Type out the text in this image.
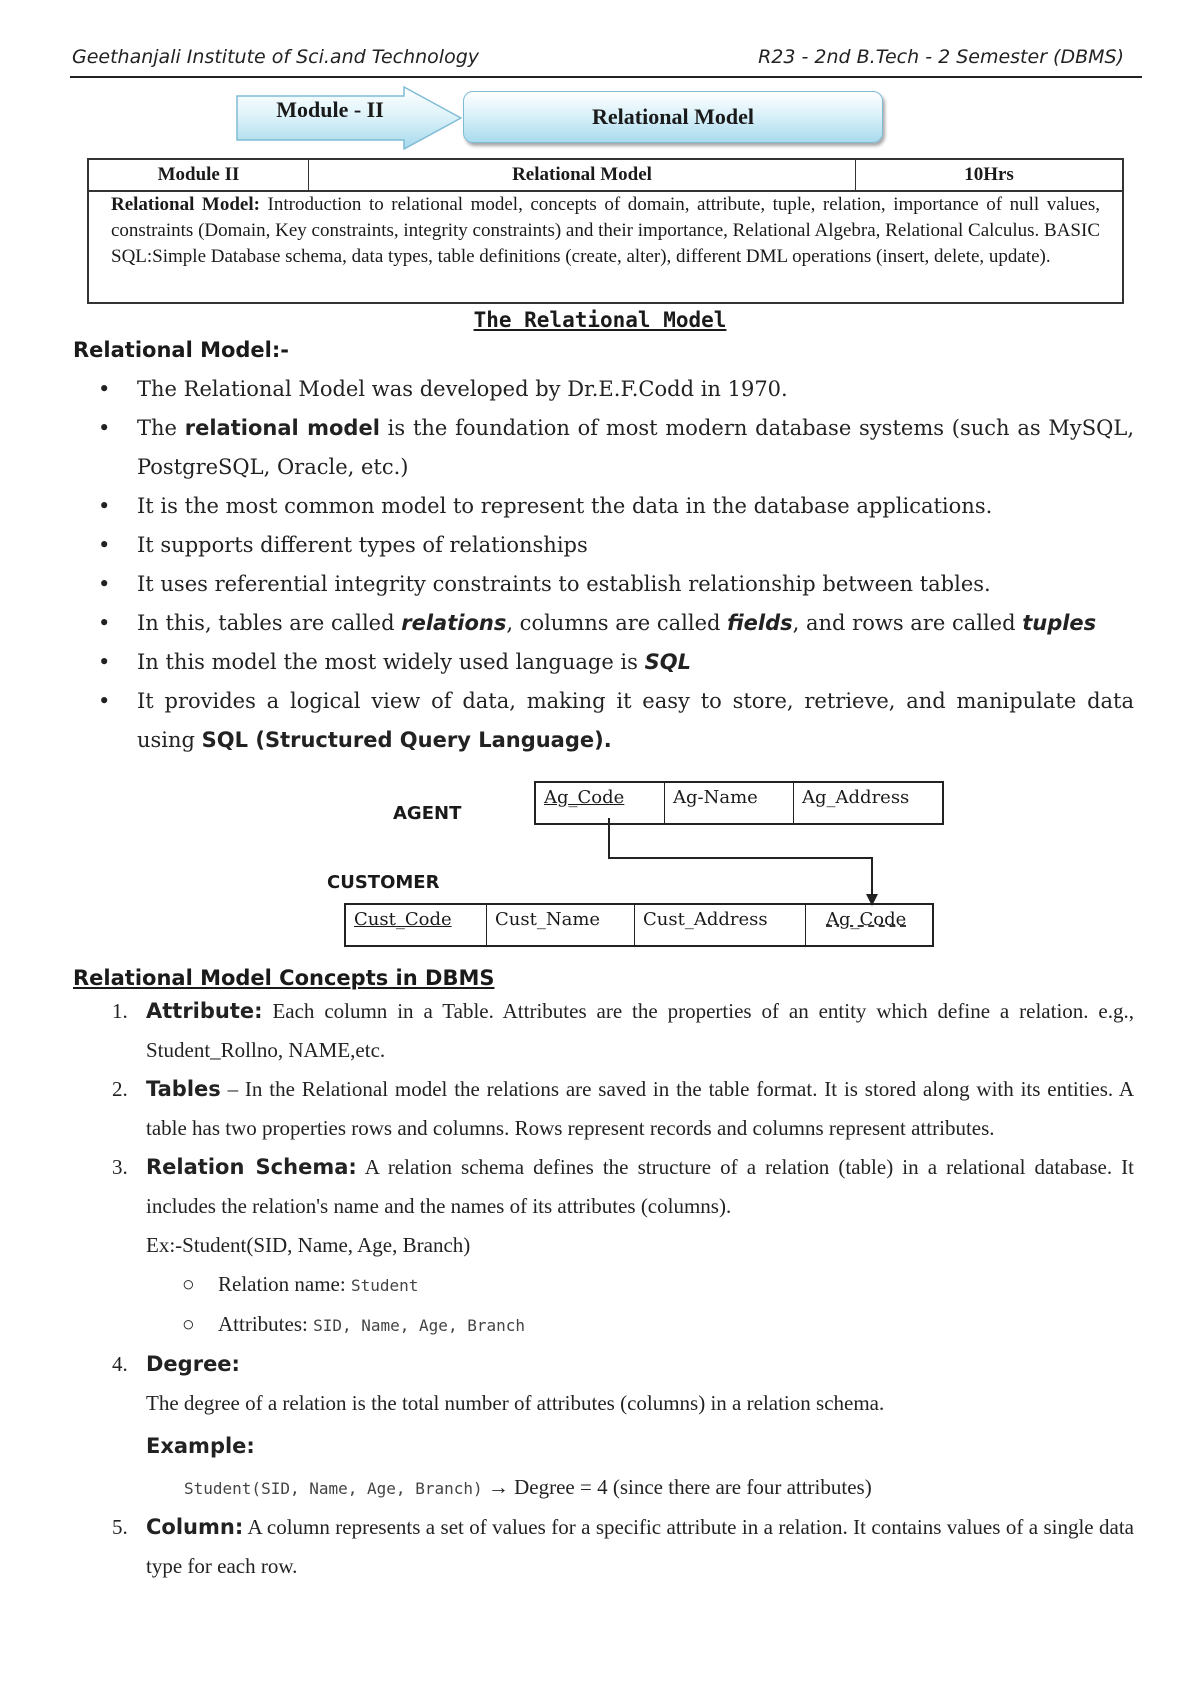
Geethanjali Institute of Sci.and Technology	R23 - 2nd B.Tech - 2 Semester (DBMS)
Module - II	Relational Model
Module II	Relational Model	10Hrs
Relational Model: Introduction to relational model, concepts of domain, attribute, tuple, relation, importance of null values, constraints (Domain, Key constraints, integrity constraints) and their importance, Relational Algebra, Relational Calculus. BASIC SQL:Simple Database schema, data types, table definitions (create, alter), different DML operations (insert, delete, update).
The Relational Model
Relational Model:-
• The Relational Model was developed by Dr.E.F.Codd in 1970.
• The relational model is the foundation of most modern database systems (such as MySQL, PostgreSQL, Oracle, etc.)
• It is the most common model to represent the data in the database applications.
• It supports different types of relationships
• It uses referential integrity constraints to establish relationship between tables.
• In this, tables are called relations, columns are called fields, and rows are called tuples
• In this model the most widely used language is SQL
• It provides a logical view of data, making it easy to store, retrieve, and manipulate data using SQL (Structured Query Language).
AGENT
Ag_Code	Ag-Name	Ag_Address
CUSTOMER
Cust_Code	Cust_Name	Cust_Address	Ag_Code
Relational Model Concepts in DBMS
1. Attribute: Each column in a Table. Attributes are the properties of an entity which define a relation. e.g., Student_Rollno, NAME,etc.
2. Tables – In the Relational model the relations are saved in the table format. It is stored along with its entities. A table has two properties rows and columns. Rows represent records and columns represent attributes.
3. Relation Schema: A relation schema defines the structure of a relation (table) in a relational database. It includes the relation's name and the names of its attributes (columns).
Ex:-Student(SID, Name, Age, Branch)
○ Relation name: Student
○ Attributes: SID, Name, Age, Branch
4. Degree:
The degree of a relation is the total number of attributes (columns) in a relation schema.
Example:
Student(SID, Name, Age, Branch) → Degree = 4 (since there are four attributes)
5. Column: A column represents a set of values for a specific attribute in a relation. It contains values of a single data type for each row.
